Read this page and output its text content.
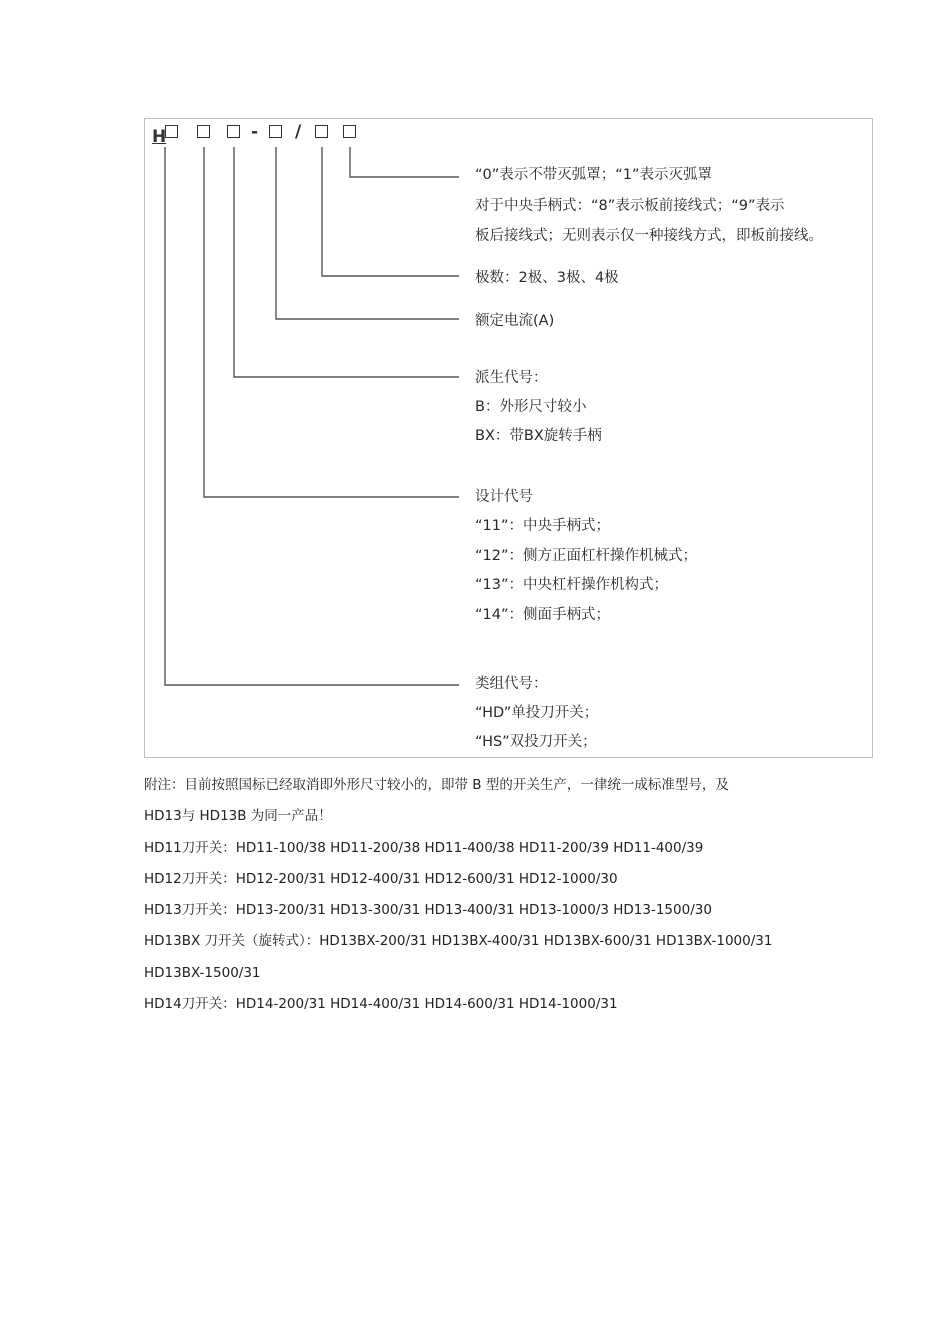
H	- /
“0”表示不带灭弧罩；“1”表示灭弧罩
对于中央手柄式：“8”表示板前接线式；“9”表示
板后接线式；无则表示仅一种接线方式，即板前接线。
极数：2极、3极、4极
额定电流(A)
派生代号：
B：外形尺寸较小
BX：带BX旋转手柄
设计代号
“11”：中央手柄式；
“12”：侧方正面杠杆操作机械式；
“13”：中央杠杆操作机构式；
“14”：侧面手柄式；
类组代号：
“HD”单投刀开关；
“HS”双投刀开关；
附注：目前按照国标已经取消即外形尺寸较小的，即带 B 型的开关生产，一律统一成标准型号，及
HD13与 HD13B 为同一产品！
HD11刀开关：HD11-100/38 HD11-200/38 HD11-400/38 HD11-200/39 HD11-400/39
HD12刀开关：HD12-200/31 HD12-400/31 HD12-600/31 HD12-1000/30
HD13刀开关：HD13-200/31 HD13-300/31 HD13-400/31 HD13-1000/3 HD13-1500/30
HD13BX 刀开关（旋转式）：HD13BX-200/31 HD13BX-400/31 HD13BX-600/31 HD13BX-1000/31
HD13BX-1500/31
HD14刀开关：HD14-200/31 HD14-400/31 HD14-600/31 HD14-1000/31
